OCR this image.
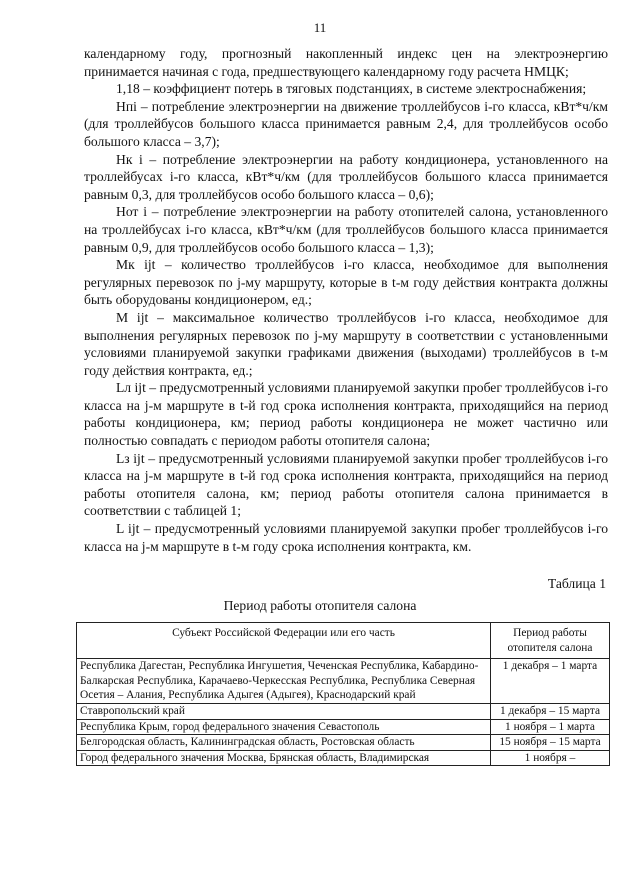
11

календарному году, прогнозный накопленный индекс цен на электроэнергию принимается начиная с года, предшествующего календарному году расчета НМЦК;

1,18 – коэффициент потерь в тяговых подстанциях, в системе электроснабжения;

Hпi – потребление электроэнергии на движение троллейбусов i-го класса, кВт*ч/км (для троллейбусов большого класса принимается равным 2,4, для троллейбусов особо большого класса – 3,7);

Hк i – потребление электроэнергии на работу кондиционера, установленного на троллейбусах i-го класса, кВт*ч/км (для троллейбусов большого класса принимается равным 0,3, для троллейбусов особо большого класса – 0,6);

Hот i – потребление электроэнергии на работу отопителей салона, установленного на троллейбусах i-го класса, кВт*ч/км (для троллейбусов большого класса принимается равным 0,9, для троллейбусов особо большого класса – 1,3);

Mк ijt – количество троллейбусов i-го класса, необходимое для выполнения регулярных перевозок по j-му маршруту, которые в t-м году действия контракта должны быть оборудованы кондиционером, ед.;

M ijt – максимальное количество троллейбусов i-го класса, необходимое для выполнения регулярных перевозок по j-му маршруту в соответствии с установленными условиями планируемой закупки графиками движения (выходами) троллейбусов в t-м году действия контракта, ед.;

Lл ijt – предусмотренный условиями планируемой закупки пробег троллейбусов i-го класса на j-м маршруте в t-й год срока исполнения контракта, приходящийся на период работы кондиционера, км; период работы кондиционера не может частично или полностью совпадать с периодом работы отопителя салона;

Lз ijt – предусмотренный условиями планируемой закупки пробег троллейбусов i-го класса на j-м маршруте в t-й год срока исполнения контракта, приходящийся на период работы отопителя салона, км; период работы отопителя салона принимается в соответствии с таблицей 1;

L ijt – предусмотренный условиями планируемой закупки пробег троллейбусов i-го класса на j-м маршруте в t-м году срока исполнения контракта, км.

Таблица 1
Период работы отопителя салона
Субъект Российской Федерации или его часть	Период работы отопителя салона
Республика Дагестан, Республика Ингушетия, Чеченская Республика, Кабардино-Балкарская Республика, Карачаево-Черкесская Республика, Республика Северная Осетия – Алания, Республика Адыгея (Адыгея), Краснодарский край	1 декабря – 1 марта
Ставропольский край	1 декабря – 15 марта
Республика Крым, город федерального значения Севастополь	1 ноября – 1 марта
Белгородская область, Калининградская область, Ростовская область	15 ноября – 15 марта
Город федерального значения Москва, Брянская область, Владимирская	1 ноября –
